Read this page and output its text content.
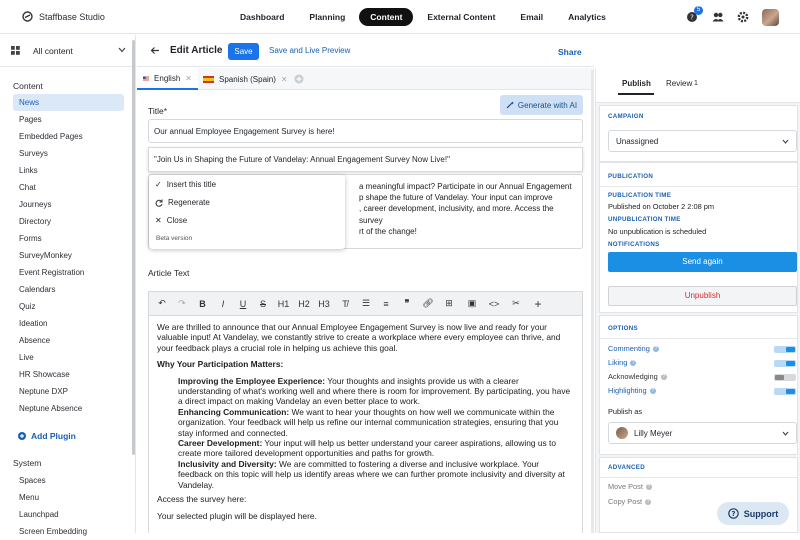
Staffbase Studio	Dashboard	Planning	Content	External Content	Email	Analytics	?
5
All content
Content
News
Pages
Embedded Pages
Surveys
Links
Chat
Journeys
Directory
Forms
SurveyMonkey
Event Registration
Calendars
Quiz
Ideation
Absence
Live
HR Showcase
Neptune DXP
Neptune Absence
Add Plugin
System
Spaces
Menu
Launchpad
Screen Embedding
Edit Article	Save	Save and Live Preview	Share
English ✕	Spanish (Spain) ✕
Title*
Generate with AI
Our annual Employee Engagement Survey is here!
"Join Us in Shaping the Future of Vandelay: Annual Engagement Survey Now Live!"
a meaningful impact? Participate in our Annual Engagement
p shape the future of Vandelay. Your input can improve
, career development, inclusivity, and more. Access the survey
rt of the change!
✓ Insert this title
Regenerate
✕ Close
Beta version
Article Text
↶	↷	B	I	U	S	H1 H2 H3	T̸	☰	≡	❞	🔗︎	⊞	▣	<>	✂	+

We are thrilled to announce that our Annual Employee Engagement Survey is now live and ready for your valuable input! At Vandelay, we constantly strive to create a workplace where every employee can thrive, and your feedback plays a crucial role in helping us achieve this goal.

Why Your Participation Matters:

Improving the Employee Experience: Your thoughts and insights provide us with a clearer understanding of what's working well and where there is room for improvement. By participating, you have a direct impact on making Vandelay an even better place to work.
Enhancing Communication: We want to hear your thoughts on how well we communicate within the organization. Your feedback will help us refine our internal communication strategies, ensuring that you stay informed and connected.
Career Development: Your input will help us better understand your career aspirations, allowing us to create more tailored development opportunities and paths for growth.
Inclusivity and Diversity: We are committed to fostering a diverse and inclusive workplace. Your feedback on this topic will help us identify areas where we can further promote inclusivity and diversity at Vandelay.

Access the survey here:

Your selected plugin will be displayed here.

Publish Review 1
CAMPAIGN
Unassigned
PUBLICATION
PUBLICATION TIME
Published on October 2 2:08 pm
UNPUBLICATION TIME
No unpublication is scheduled
NOTIFICATIONS
Send again
Unpublish
OPTIONS
Commenting ?
Liking ?
Acknowledging ?
Highlighting ?
Publish as
Lilly Meyer
ADVANCED
Move Post ?
Copy Post ?
? Support
